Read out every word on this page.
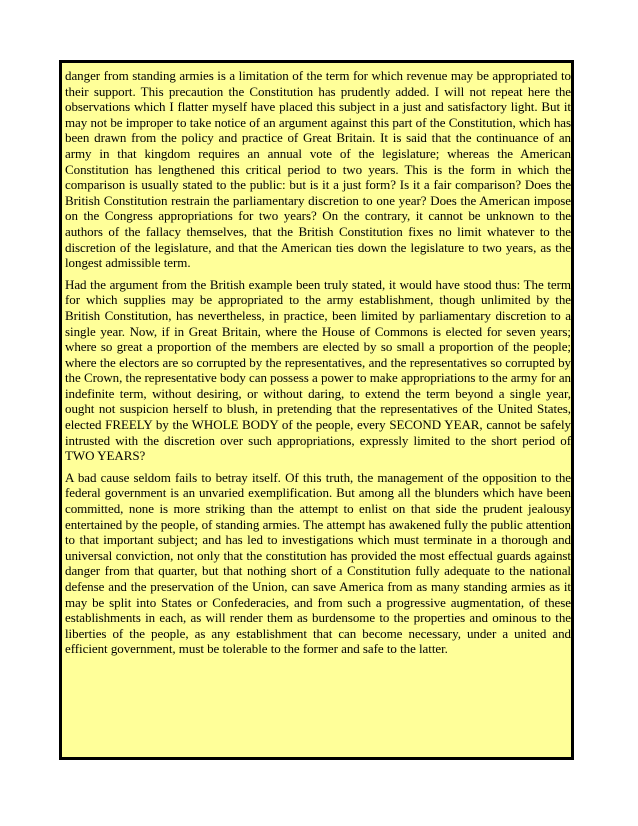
danger from standing armies is a limitation of the term for which revenue may be appropriated to their support. This precaution the Constitution has prudently added. I will not repeat here the observations which I flatter myself have placed this subject in a just and satisfactory light. But it may not be improper to take notice of an argument against this part of the Constitution, which has been drawn from the policy and practice of Great Britain. It is said that the continuance of an army in that kingdom requires an annual vote of the legislature; whereas the American Constitution has lengthened this critical period to two years. This is the form in which the comparison is usually stated to the public: but is it a just form? Is it a fair comparison? Does the British Constitution restrain the parliamentary discretion to one year? Does the American impose on the Congress appropriations for two years? On the contrary, it cannot be unknown to the authors of the fallacy themselves, that the British Constitution fixes no limit whatever to the discretion of the legislature, and that the American ties down the legislature to two years, as the longest admissible term.

Had the argument from the British example been truly stated, it would have stood thus: The term for which supplies may be appropriated to the army establishment, though unlimited by the British Constitution, has nevertheless, in practice, been limited by parliamentary discretion to a single year. Now, if in Great Britain, where the House of Commons is elected for seven years; where so great a proportion of the members are elected by so small a proportion of the people; where the electors are so corrupted by the representatives, and the representatives so corrupted by the Crown, the representative body can possess a power to make appropriations to the army for an indefinite term, without desiring, or without daring, to extend the term beyond a single year, ought not suspicion herself to blush, in pretending that the representatives of the United States, elected FREELY by the WHOLE BODY of the people, every SECOND YEAR, cannot be safely intrusted with the discretion over such appropriations, expressly limited to the short period of TWO YEARS?

A bad cause seldom fails to betray itself. Of this truth, the management of the opposition to the federal government is an unvaried exemplification. But among all the blunders which have been committed, none is more striking than the attempt to enlist on that side the prudent jealousy entertained by the people, of standing armies. The attempt has awakened fully the public attention to that important subject; and has led to investigations which must terminate in a thorough and universal conviction, not only that the constitution has provided the most effectual guards against danger from that quarter, but that nothing short of a Constitution fully adequate to the national defense and the preservation of the Union, can save America from as many standing armies as it may be split into States or Confederacies, and from such a progressive augmentation, of these establishments in each, as will render them as burdensome to the properties and ominous to the liberties of the people, as any establishment that can become necessary, under a united and efficient government, must be tolerable to the former and safe to the latter.
